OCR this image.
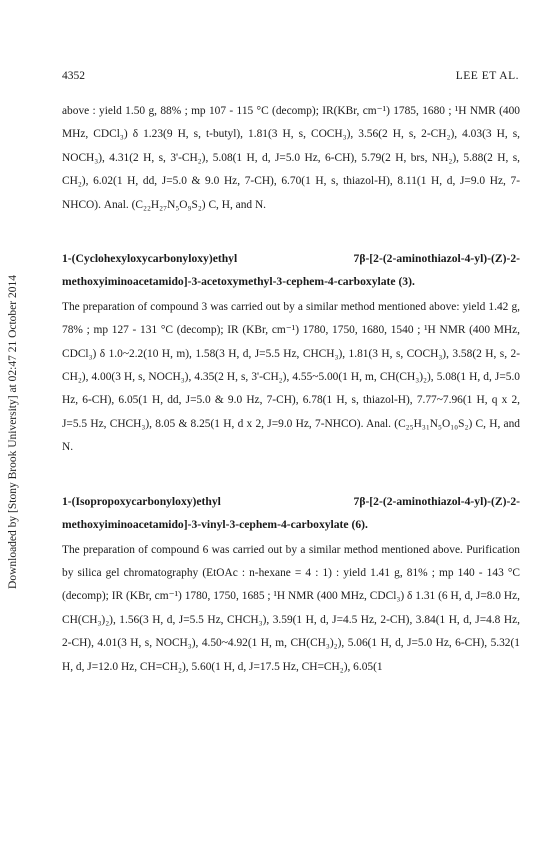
Downloaded by [Stony Brook University] at 02:47 21 October 2014
4352	LEE ET AL.

above : yield 1.50 g, 88% ; mp 107 - 115 °C (decomp); IR(KBr, cm⁻¹) 1785, 1680 ; ¹H NMR (400 MHz, CDCl₃) δ 1.23(9 H, s, t-butyl), 1.81(3 H, s, COCH₃), 3.56(2 H, s, 2-CH₂), 4.03(3 H, s, NOCH₃), 4.31(2 H, s, 3'-CH₂), 5.08(1 H, d, J=5.0 Hz, 6-CH), 5.79(2 H, brs, NH₂), 5.88(2 H, s, CH₂), 6.02(1 H, dd, J=5.0 & 9.0 Hz, 7-CH), 6.70(1 H, s, thiazol-H), 8.11(1 H, d, J=9.0 Hz, 7-NHCO). Anal. (C₂₂H₂₇N₅O₉S₂) C, H, and N.

1-(Cyclohexyloxycarbonyloxy)ethyl 7β-[2-(2-aminothiazol-4-yl)-(Z)-2-methoxyiminoacetamido]-3-acetoxymethyl-3-cephem-4-carboxylate (3).

The preparation of compound 3 was carried out by a similar method mentioned above: yield 1.42 g, 78% ; mp 127 - 131 °C (decomp); IR (KBr, cm⁻¹) 1780, 1750, 1680, 1540 ; ¹H NMR (400 MHz, CDCl₃) δ 1.0~2.2(10 H, m), 1.58(3 H, d, J=5.5 Hz, CHCH₃), 1.81(3 H, s, COCH₃), 3.58(2 H, s, 2-CH₂), 4.00(3 H, s, NOCH₃), 4.35(2 H, s, 3'-CH₂), 4.55~5.00(1 H, m, CH(CH₃)₂), 5.08(1 H, d, J=5.0 Hz, 6-CH), 6.05(1 H, dd, J=5.0 & 9.0 Hz, 7-CH), 6.78(1 H, s, thiazol-H), 7.77~7.96(1 H, q x 2, J=5.5 Hz, CHCH₃), 8.05 & 8.25(1 H, d x 2, J=9.0 Hz, 7-NHCO). Anal. (C₂₅H₃₁N₅O₁₀S₂) C, H, and N.

1-(Isopropoxycarbonyloxy)ethyl 7β-[2-(2-aminothiazol-4-yl)-(Z)-2-methoxyiminoacetamido]-3-vinyl-3-cephem-4-carboxylate (6).

The preparation of compound 6 was carried out by a similar method mentioned above. Purification by silica gel chromatography (EtOAc : n-hexane = 4 : 1) : yield 1.41 g, 81% ; mp 140 - 143 °C (decomp); IR (KBr, cm⁻¹) 1780, 1750, 1685 ; ¹H NMR (400 MHz, CDCl₃) δ 1.31 (6 H, d, J=8.0 Hz, CH(CH₃)₂), 1.56(3 H, d, J=5.5 Hz, CHCH₃), 3.59(1 H, d, J=4.5 Hz, 2-CH), 3.84(1 H, d, J=4.8 Hz, 2-CH), 4.01(3 H, s, NOCH₃), 4.50~4.92(1 H, m, CH(CH₃)₂), 5.06(1 H, d, J=5.0 Hz, 6-CH), 5.32(1 H, d, J=12.0 Hz, CH=CH₂), 5.60(1 H, d, J=17.5 Hz, CH=CH₂), 6.05(1
